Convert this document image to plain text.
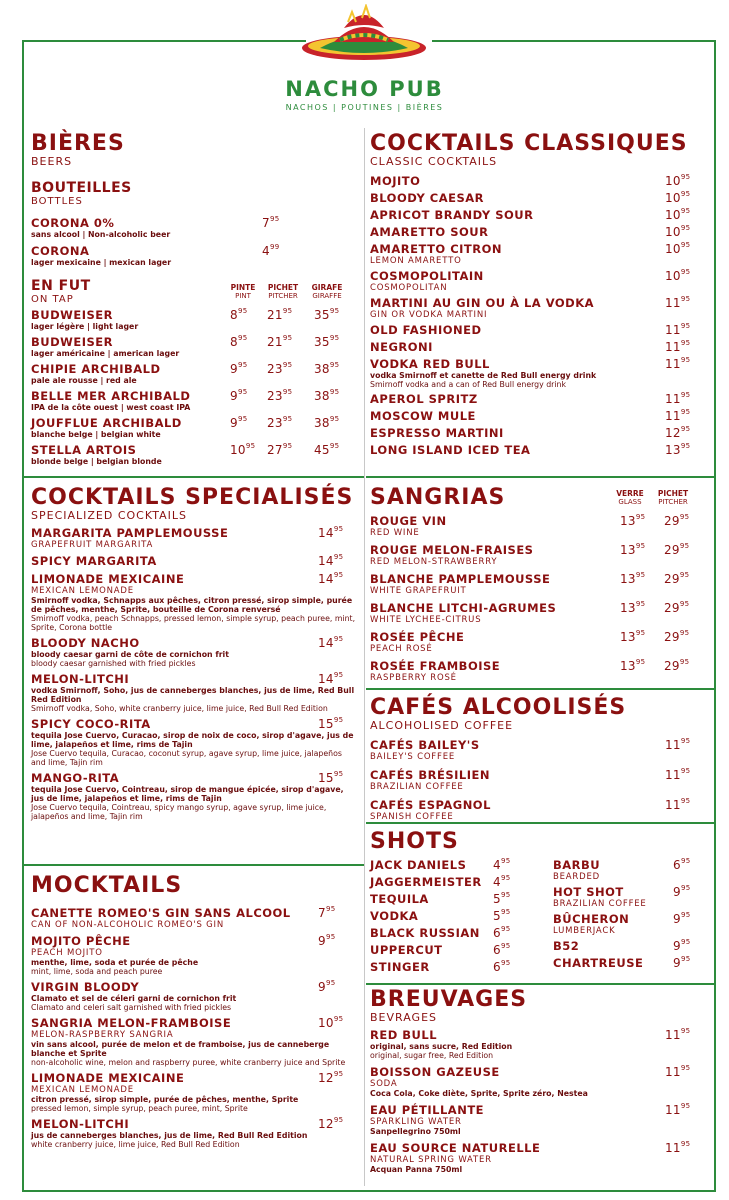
NACHO PUB
NACHOS | POUTINES | BIÈRES
BIÈRES
BEERS
BOUTEILLES
BOTTLES
CORONA 0%
sans alcool | Non-alcoholic beer
$7^{95}$
CORONA
lager mexicaine | mexican lager
$4^{99}$
EN FUT
ON TAP
PINTE
PINT
PICHET
PITCHER
GIRAFE
GIRAFFE
BUDWEISER
lager légère | light lager
$8^{95}$ $21^{95}$ $35^{95}$
BUDWEISER
lager américaine | american lager
$8^{95}$ $21^{95}$ $35^{95}$
CHIPIE ARCHIBALD
pale ale rousse | red ale
$9^{95}$ $23^{95}$ $38^{95}$
BELLE MER ARCHIBALD
IPA de la côte ouest | west coast IPA
$9^{95}$ $23^{95}$ $38^{95}$
JOUFFLUE ARCHIBALD
blanche belge | belgian white
$9^{95}$ $23^{95}$ $38^{95}$
STELLA ARTOIS
blonde belge | belgian blonde
$10^{95}$ $27^{95}$ $45^{95}$
COCKTAILS CLASSIQUES
CLASSIC COCKTAILS
MOJITO	$10^{95}$
BLOODY CAESAR	$10^{95}$
APRICOT BRANDY SOUR	$10^{95}$
AMARETTO SOUR	$10^{95}$
AMARETTO CITRON
LEMON AMARETTO
$10^{95}$
COSMOPOLITAIN
COSMOPOLITAN
$10^{95}$
MARTINI AU GIN OU À LA VODKA
GIN OR VODKA MARTINI
$11^{95}$
OLD FASHIONED	$11^{95}$
NEGRONI	$11^{95}$
VODKA RED BULL
vodka Smirnoff et canette de Red Bull energy drink
Smirnoff vodka and a can of Red Bull energy drink
$11^{95}$
APEROL SPRITZ	$11^{95}$
MOSCOW MULE	$11^{95}$
ESPRESSO MARTINI	$12^{95}$
LONG ISLAND ICED TEA	$13^{95}$
COCKTAILS SPECIALISÉS
SPECIALIZED COCKTAILS
MARGARITA PAMPLEMOUSSE
GRAPEFRUIT MARGARITA
$14^{95}$
SPICY MARGARITA	$14^{95}$
LIMONADE MEXICAINE
MEXICAN LEMONADE
Smirnoff vodka, Schnapps aux pêches, citron pressé, sirop simple, purée de pêches, menthe, Sprite, bouteille de Corona renversé
Smirnoff vodka, peach Schnapps, pressed lemon, simple syrup, peach puree, mint, Sprite, Corona bottle
$14^{95}$
BLOODY NACHO
bloody caesar garni de côte de cornichon frit
bloody caesar garnished with fried pickles
$14^{95}$
MELON-LITCHI
vodka Smirnoff, Soho, jus de canneberges blanches, jus de lime, Red Bull Red Edition
Smirnoff vodka, Soho, white cranberry juice, lime juice, Red Bull Red Edition
$14^{95}$
SPICY COCO-RITA
tequila Jose Cuervo, Curacao, sirop de noix de coco, sirop d'agave, jus de lime, jalapeños et lime, rims de Tajin
Jose Cuervo tequila, Curacao, coconut syrup, agave syrup, lime juice, jalapeños and lime, Tajin rim
$15^{95}$
MANGO-RITA
tequila Jose Cuervo, Cointreau, sirop de mangue épicée, sirop d'agave, jus de lime, jalapeños et lime, rims de Tajin
Jose Cuervo tequila, Cointreau, spicy mango syrup, agave syrup, lime juice, jalapeños and lime, Tajin rim
$15^{95}$
SANGRIAS	VERRE
GLASS
PICHET
PITCHER
ROUGE VIN
RED WINE
$13^{95}$ $29^{95}$
ROUGE MELON-FRAISES
RED MELON-STRAWBERRY
$13^{95}$ $29^{95}$
BLANCHE PAMPLEMOUSSE
WHITE GRAPEFRUIT
$13^{95}$ $29^{95}$
BLANCHE LITCHI-AGRUMES
WHITE LYCHEE-CITRUS
$13^{95}$ $29^{95}$
ROSÉE PÊCHE
PEACH ROSÉ
$13^{95}$ $29^{95}$
ROSÉE FRAMBOISE
RASPBERRY ROSÉ
$13^{95}$ $29^{95}$
CAFÉS ALCOOLISÉS
ALCOHOLISED COFFEE
CAFÉS BAILEY'S
BAILEY'S COFFEE
$11^{95}$
CAFÉS BRÉSILIEN
BRAZILIAN COFFEE
$11^{95}$
CAFÉS ESPAGNOL
SPANISH COFFEE
$11^{95}$
SHOTS
JACK DANIELS	$4^{95}$
JAGGERMEISTER $4^{95}$
TEQUILA	$5^{95}$
VODKA	$5^{95}$
BLACK RUSSIAN	$6^{95}$
UPPERCUT	$6^{95}$
STINGER	$6^{95}$
BARBU
BEARDED
$6^{95}$
HOT SHOT
BRAZILIAN COFFEE
$9^{95}$
BÛCHERON
LUMBERJACK
$9^{95}$
B52	$9^{95}$
CHARTREUSE	$9^{95}$
MOCKTAILS
CANETTE ROMEO'S GIN SANS ALCOOL
CAN OF NON-ALCOHOLIC ROMEO'S GIN
$7^{95}$
MOJITO PÊCHE
PEACH MOJITO
menthe, lime, soda et purée de pêche
mint, lime, soda and peach puree
$9^{95}$
VIRGIN BLOODY
Clamato et sel de céleri garni de cornichon frit
Clamato and celeri salt garnished with fried pickles
$9^{95}$
SANGRIA MELON-FRAMBOISE
MELON-RASPBERRY SANGRIA
vin sans alcool, purée de melon et de framboise, jus de canneberge blanche et Sprite
non-alcoholic wine, melon and raspberry puree, white cranberry juice and Sprite
$10^{95}$
LIMONADE MEXICAINE
MEXICAN LEMONADE
citron pressé, sirop simple, purée de pêches, menthe, Sprite
pressed lemon, simple syrup, peach puree, mint, Sprite
$12^{95}$
MELON-LITCHI
jus de canneberges blanches, jus de lime, Red Bull Red Edition
white cranberry juice, lime juice, Red Bull Red Edition
$12^{95}$
BREUVAGES
BEVRAGES
RED BULL
original, sans sucre, Red Edition
original, sugar free, Red Edition
$11^{95}$
BOISSON GAZEUSE
SODA
Coca Cola, Coke diète, Sprite, Sprite zéro, Nestea
$11^{95}$
EAU PÉTILLANTE
SPARKLING WATER
Sanpellegrino 750ml
$11^{95}$
EAU SOURCE NATURELLE
NATURAL SPRING WATER
Acquan Panna 750ml
$11^{95}$
